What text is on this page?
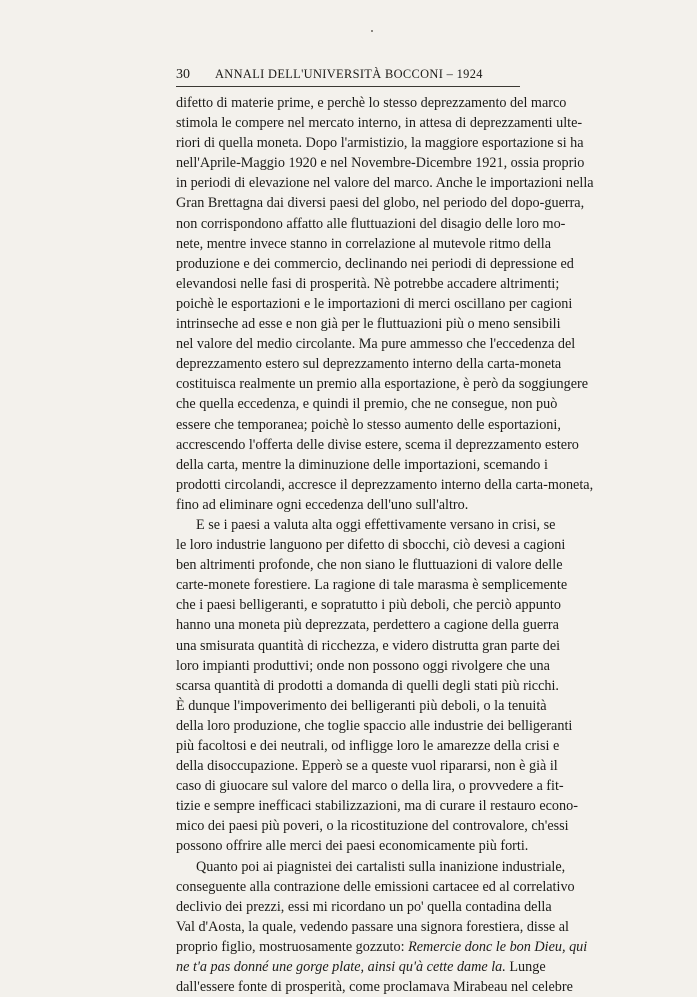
30 ANNALI DELL'UNIVERSITÀ BOCCONI – 1924
difetto di materie prime, e perchè lo stesso deprezzamento del marco
stimola le compere nel mercato interno, in attesa di deprezzamenti ulte-
riori di quella moneta. Dopo l'armistizio, la maggiore esportazione si ha
nell'Aprile-Maggio 1920 e nel Novembre-Dicembre 1921, ossia proprio
in periodi di elevazione nel valore del marco. Anche le importazioni nella
Gran Brettagna dai diversi paesi del globo, nel periodo del dopo-guerra,
non corrispondono affatto alle fluttuazioni del disagio delle loro mo-
nete, mentre invece stanno in correlazione al mutevole ritmo della
produzione e dei commercio, declinando nei periodi di depressione ed
elevandosi nelle fasi di prosperità. Nè potrebbe accadere altrimenti;
poichè le esportazioni e le importazioni di merci oscillano per cagioni
intrinseche ad esse e non già per le fluttuazioni più o meno sensibili
nel valore del medio circolante. Ma pure ammesso che l'eccedenza del
deprezzamento estero sul deprezzamento interno della carta-moneta
costituisca realmente un premio alla esportazione, è però da soggiungere
che quella eccedenza, e quindi il premio, che ne consegue, non può
essere che temporanea; poichè lo stesso aumento delle esportazioni,
accrescendo l'offerta delle divise estere, scema il deprezzamento estero
della carta, mentre la diminuzione delle importazioni, scemando i
prodotti circolandi, accresce il deprezzamento interno della carta-moneta,
fino ad eliminare ogni eccedenza dell'uno sull'altro.
E se i paesi a valuta alta oggi effettivamente versano in crisi, se
le loro industrie languono per difetto di sbocchi, ciò devesi a cagioni
ben altrimenti profonde, che non siano le fluttuazioni di valore delle
carte-monete forestiere. La ragione di tale marasma è semplicemente
che i paesi belligeranti, e sopratutto i più deboli, che perciò appunto
hanno una moneta più deprezzata, perdettero a cagione della guerra
una smisurata quantità di ricchezza, e videro distrutta gran parte dei
loro impianti produttivi; onde non possono oggi rivolgere che una
scarsa quantità di prodotti a domanda di quelli degli stati più ricchi.
È dunque l'impoverimento dei belligeranti più deboli, o la tenuità
della loro produzione, che toglie spaccio alle industrie dei belligeranti
più facoltosi e dei neutrali, od infligge loro le amarezze della crisi e
della disoccupazione. Epperò se a queste vuol ripararsi, non è già il
caso di giuocare sul valore del marco o della lira, o provvedere a fit-
tizie e sempre inefficaci stabilizzazioni, ma di curare il restauro econo-
mico dei paesi più poveri, o la ricostituzione del controvalore, ch'essi
possono offrire alle merci dei paesi economicamente più forti.
Quanto poi ai piagnistei dei cartalisti sulla inanizione industriale,
conseguente alla contrazione delle emissioni cartacee ed al correlativo
declivio dei prezzi, essi mi ricordano un po' quella contadina della
Val d'Aosta, la quale, vedendo passare una signora forestiera, disse al
proprio figlio, mostruosamente gozzuto: Remercie donc le bon Dieu, qui
ne t'a pas donné une gorge plate, ainsi qu'à cette dame la. Lunge
dall'essere fonte di prosperità, come proclamava Mirabeau nel celebre
